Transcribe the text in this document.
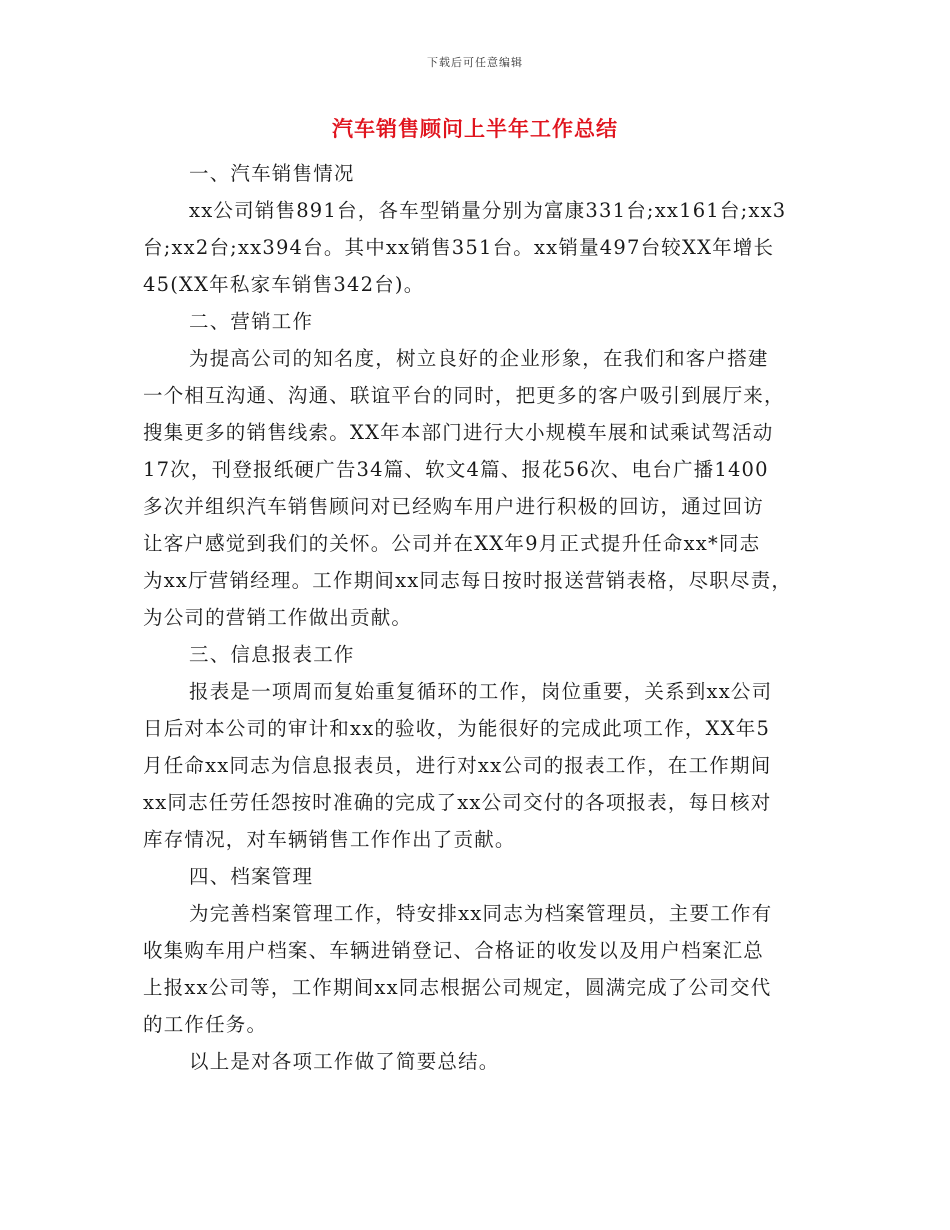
下载后可任意编辑
汽车销售顾问上半年工作总结
一、汽车销售情况
xx公司销售891台，各车型销量分别为富康331台;xx161台;xx3
台;xx2台;xx394台。其中xx销售351台。xx销量497台较XX年增长
45(XX年私家车销售342台)。
二、营销工作
为提高公司的知名度，树立良好的企业形象，在我们和客户搭建
一个相互沟通、沟通、联谊平台的同时，把更多的客户吸引到展厅来，
搜集更多的销售线索。XX年本部门进行大小规模车展和试乘试驾活动
17次，刊登报纸硬广告34篇、软文4篇、报花56次、电台广播1400
多次并组织汽车销售顾问对已经购车用户进行积极的回访，通过回访
让客户感觉到我们的关怀。公司并在XX年9月正式提升任命xx*同志
为xx厅营销经理。工作期间xx同志每日按时报送营销表格，尽职尽责，
为公司的营销工作做出贡献。
三、信息报表工作
报表是一项周而复始重复循环的工作，岗位重要，关系到xx公司
日后对本公司的审计和xx的验收，为能很好的完成此项工作，XX年5
月任命xx同志为信息报表员，进行对xx公司的报表工作，在工作期间
xx同志任劳任怨按时准确的完成了xx公司交付的各项报表，每日核对
库存情况，对车辆销售工作作出了贡献。
四、档案管理
为完善档案管理工作，特安排xx同志为档案管理员，主要工作有
收集购车用户档案、车辆进销登记、合格证的收发以及用户档案汇总
上报xx公司等，工作期间xx同志根据公司规定，圆满完成了公司交代
的工作任务。
以上是对各项工作做了简要总结。
